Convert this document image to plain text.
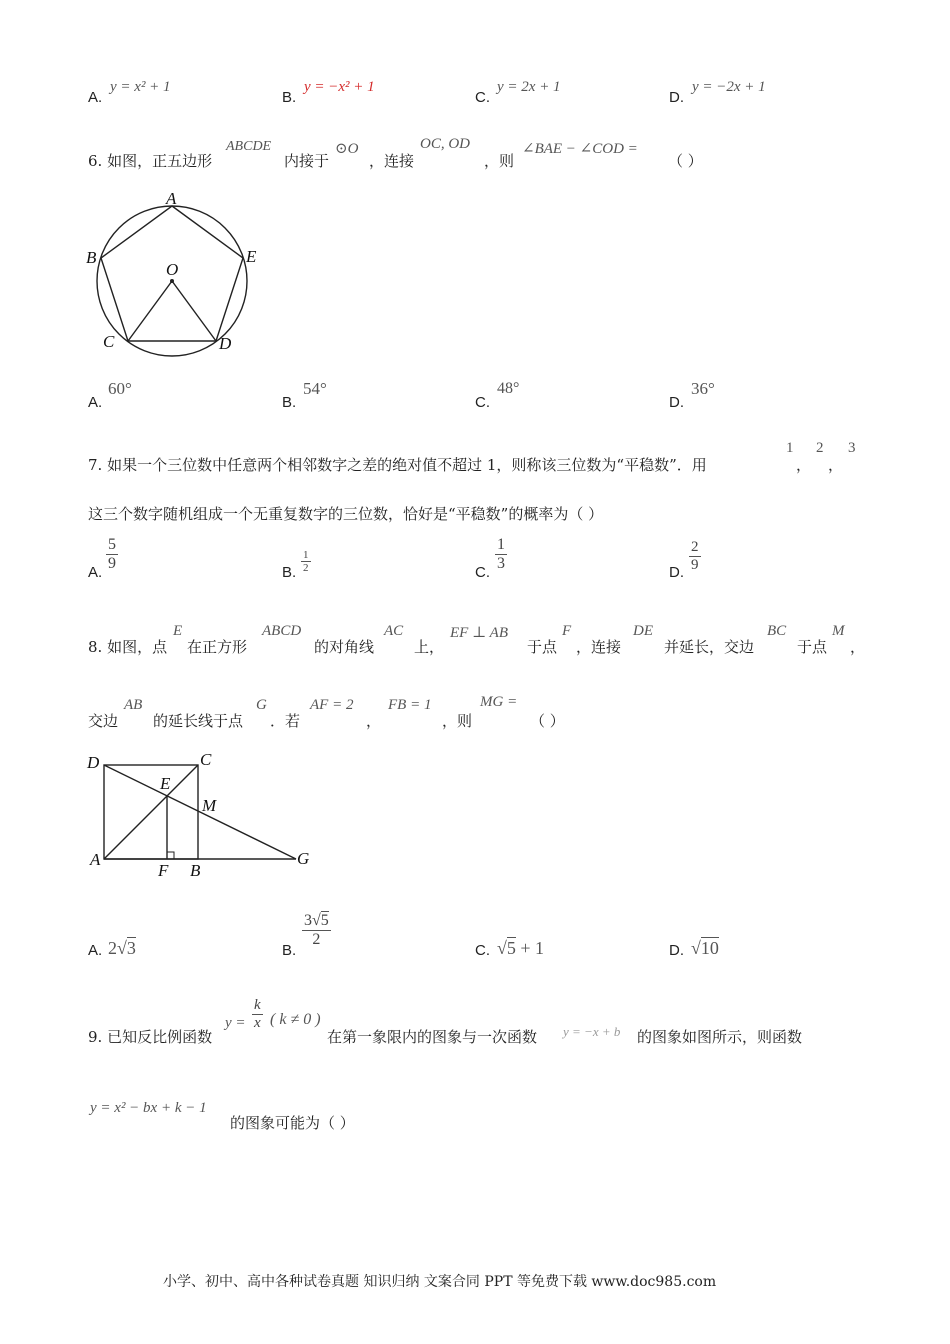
A.
y = x² + 1
B.
y = −x² + 1
C.
y = 2x + 1
D.
y = −2x + 1
6. 如图，正五边形
ABCDE
内接于
⊙O
，连接
OC, OD
，则
∠BAE − ∠COD =
（ ）
A
B	E
O
C	D
A.
60°
B.
54°
C.
48°
D.
36°
7. 如果一个三位数中任意两个相邻数字之差的绝对值不超过 1，则称该三位数为“平稳数”．用
1
，
2
，
3
这三个数字随机组成一个无重复数字的三位数，恰好是“平稳数”的概率为（ ）
A. $\frac{5}{9}$	B. $\frac{1}{2}$	C. $\frac{1}{3}$	D. $\frac{2}{9}$
8. 如图，点
E
在正方形
ABCD
的对角线
AC
上，
EF ⊥ AB
于点
F
，连接
DE
并延长，交边
BC
于点
M
，
交边
AB
的延长线于点
G
．若
AF = 2
，
FB = 1
，则
MG =
（ ）
D	C
E
M
A
F B
G
A. 2√3	B.
$\frac{3√5}{2}$
C. √5 + 1	D. √10
9. 已知反比例函数
$y = \frac{k}{x}$ ( k ≠ 0 )
在第一象限内的图象与一次函数 y = −x + b 的图象如图所示，则函数
y = x² − bx + k − 1
的图象可能为（ ）
小学、初中、高中各种试卷真题 知识归纳 文案合同 PPT 等免费下载 www.doc985.com
